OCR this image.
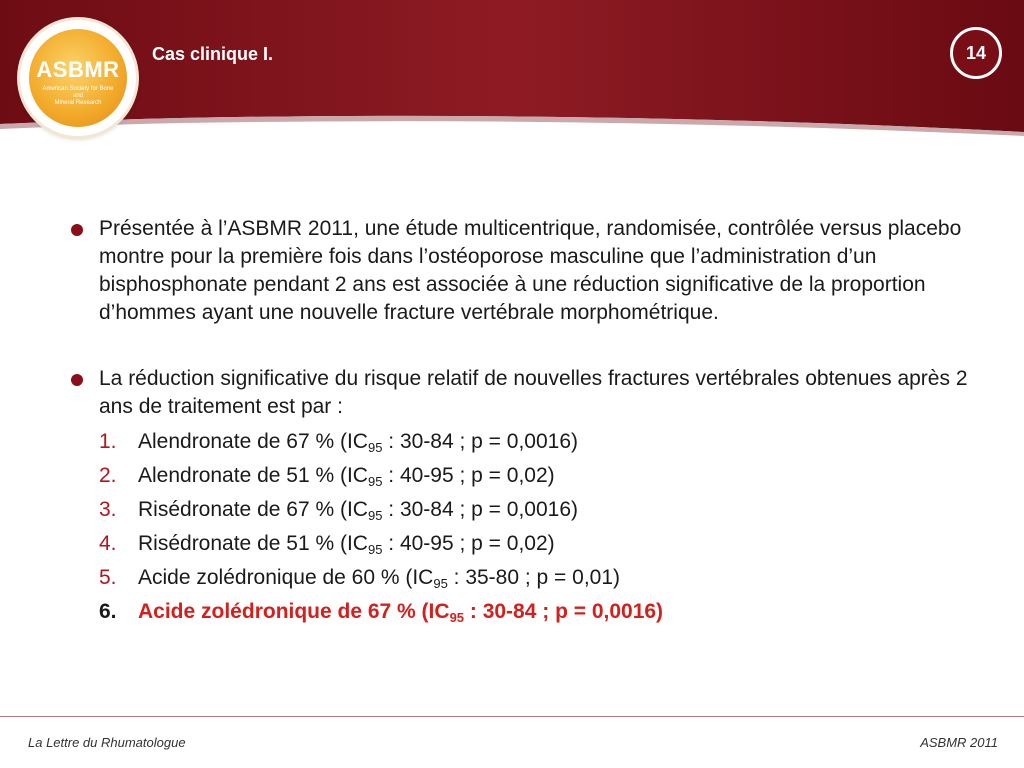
Cas clinique I.	14
ASBMR
American Society for Bone
and
Mineral Research
Présentée à l’ASBMR 2011, une étude multicentrique, randomisée, contrôlée versus placebo montre pour la première fois dans l’ostéoporose masculine que l’administration d’un bisphosphonate pendant 2 ans est associée à une réduction significative de la proportion d’hommes ayant une nouvelle fracture vertébrale morphométrique.
La réduction significative du risque relatif de nouvelles fractures vertébrales obtenues après 2 ans de traitement est par :
1. Alendronate de 67 % ($IC_{95}$ : 30-84 ; p = 0,0016)
2. Alendronate de 51 % ($IC_{95}$ : 40-95 ; p = 0,02)
3. Risédronate de 67 % ($IC_{95}$ : 30-84 ; p = 0,0016)
4. Risédronate de 51 % ($IC_{95}$ : 40-95 ; p = 0,02)
5. Acide zolédronique de 60 % ($IC_{95}$ : 35-80 ; p = 0,01)
6. Acide zolédronique de 67 % ($IC_{95}$ : 30-84 ; p = 0,0016)
La Lettre du Rhumatologue	ASBMR 2011
